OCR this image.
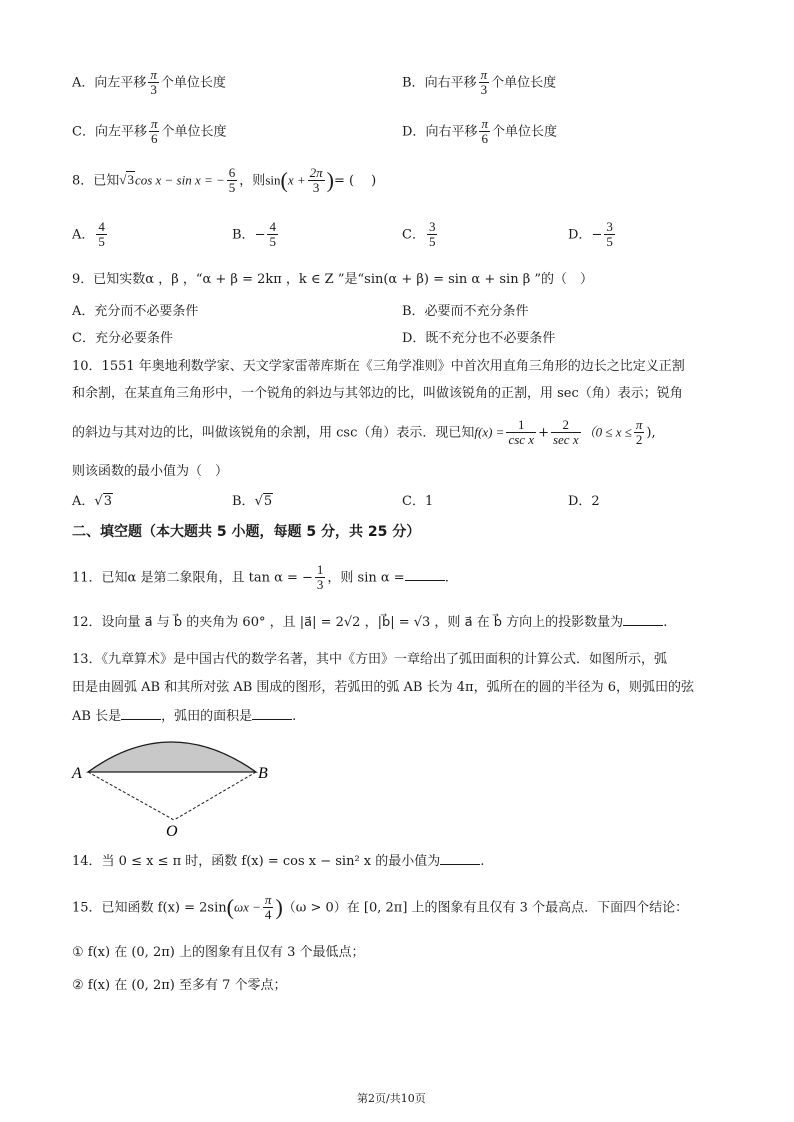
A．向左平移 $\frac{\pi}{3}$ 个单位长度	B．向右平移 $\frac{\pi}{3}$ 个单位长度
C．向左平移 $\frac{\pi}{6}$ 个单位长度	D．向右平移 $\frac{\pi}{6}$ 个单位长度
8．已知√3cos x − sin x = − $\frac{6}{5}$ ，则$\sin(x + \frac{2\pi}{3}$ )= (　 )
A． $\frac{4}{5}$	B．− $\frac{4}{5}$	C． $\frac{3}{5}$	D．− $\frac{3}{5}$
9．已知实数α ，β ，“α + β = 2kπ ，k ∈ Z ”是“sin(α + β) = sin α + sin β ”的（　）
A．充分而不必要条件	B．必要而不充分条件
C．充分必要条件	D．既不充分也不必要条件
10．1551 年奥地利数学家、天文学家雷蒂库斯在《三角学准则》中首次用直角三角形的边长之比定义正割
和余割，在某直角三角形中，一个锐角的斜边与其邻边的比，叫做该锐角的正割，用 sec（角）表示；锐角
的斜边与其对边的比，叫做该锐角的余割，用 csc（角）表示．现已知$f(x) = \frac{1}{\text{csc x}} + \frac{2}{\text{sec x}} (0 \le x \le \frac{\pi}{2}$ ),
则该函数的最小值为（　）
A．√3	B．√5	C．1	D．2
二、填空题（本大题共 5 小题，每题 5 分，共 25 分）
11．已知α 是第二象限角，且 tan α = − $\frac{1}{3}$ ，则 sin α =	.
12．设向量 a⃗ 与 b⃗ 的夹角为 60° ，且 |a⃗| = 2√2 ，|b⃗| = √3 ，则 a⃗ 在 b⃗ 方向上的投影数量为	.
13．《九章算术》是中国古代的数学名著，其中《方田》一章给出了弧田面积的计算公式．如图所示，弧
田是由圆弧 AB 和其所对弦 AB 围成的图形，若弧田的弧 AB 长为 4π，弧所在的圆的半径为 6，则弧田的弦
AB 长是	，弧田的面积是	.
A	B
O
14．当 0 ≤ x ≤ π 时，函数 f(x) = cos x − sin² x 的最小值为	.
15．已知函数 $f(x) = 2\sin(\omega x - \frac{\pi}{4} )(\omega > 0)$在 [0, 2π] 上的图象有且仅有 3 个最高点．下面四个结论：
① f(x) 在 (0, 2π) 上的图象有且仅有 3 个最低点；
② f(x) 在 (0, 2π) 至多有 7 个零点；
第2页/共10页
